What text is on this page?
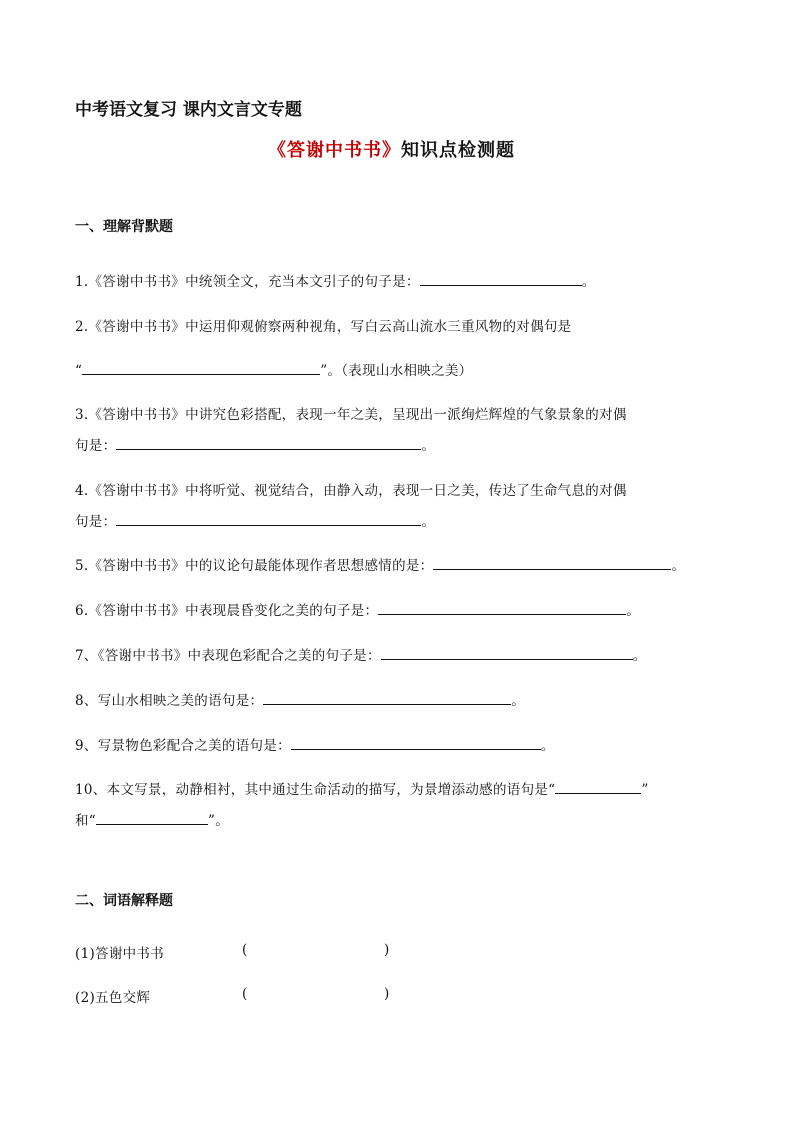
中考语文复习 课内文言文专题
《答谢中书书》知识点检测题
一、理解背默题
1.《答谢中书书》中统领全文，充当本文引子的句子是：	。
2.《答谢中书书》中运用仰观俯察两种视角，写白云高山流水三重风物的对偶句是
“	”。（表现山水相映之美）
3.《答谢中书书》中讲究色彩搭配，表现一年之美，呈现出一派绚烂辉煌的气象景象的对偶
句是：	。
4.《答谢中书书》中将听觉、视觉结合，由静入动，表现一日之美，传达了生命气息的对偶
句是：	。
5.《答谢中书书》中的议论句最能体现作者思想感情的是：	。
6.《答谢中书书》中表现晨昏变化之美的句子是：	。
7、《答谢中书书》中表现色彩配合之美的句子是：	。
8、写山水相映之美的语句是：	。
9、写景物色彩配合之美的语句是：	。
10、本文写景，动静相衬，其中通过生命活动的描写，为景增添动感的语句是“	”
和“	”。
二、词语解释题
(1)答谢中书书	(	)
(2)五色交辉	(	)
